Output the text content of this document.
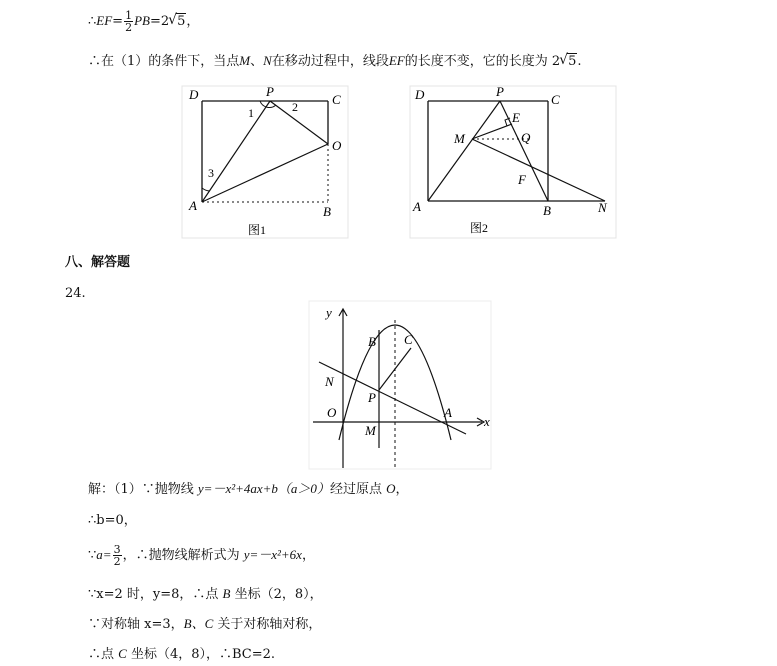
∴EF= $\frac{1}{2} PB=2$ √ 5，
∴在（1）的条件下，当点M、N在移动过程中，线段EF的长度不变，它的长度为 2 √ 5.
D	P
C
O
A	B
1	2
3
图1
D	P
C
E
M	Q
F
A	B	N
图2
八、解答题
24.
y
x
B C
N
P
O
M
A
解：（1）∵抛物线 y=－x²+4ax+b（a＞0）经过原点 O，
∴b=0，
∵a= $\frac{3}{2}$ ，∴抛物线解析式为 y=－x²+6x，
∵x=2 时，y=8，∴点 B 坐标（2，8），
∵对称轴 x=3，B、C 关于对称轴对称，
∴点 C 坐标（4，8），∴BC=2.
